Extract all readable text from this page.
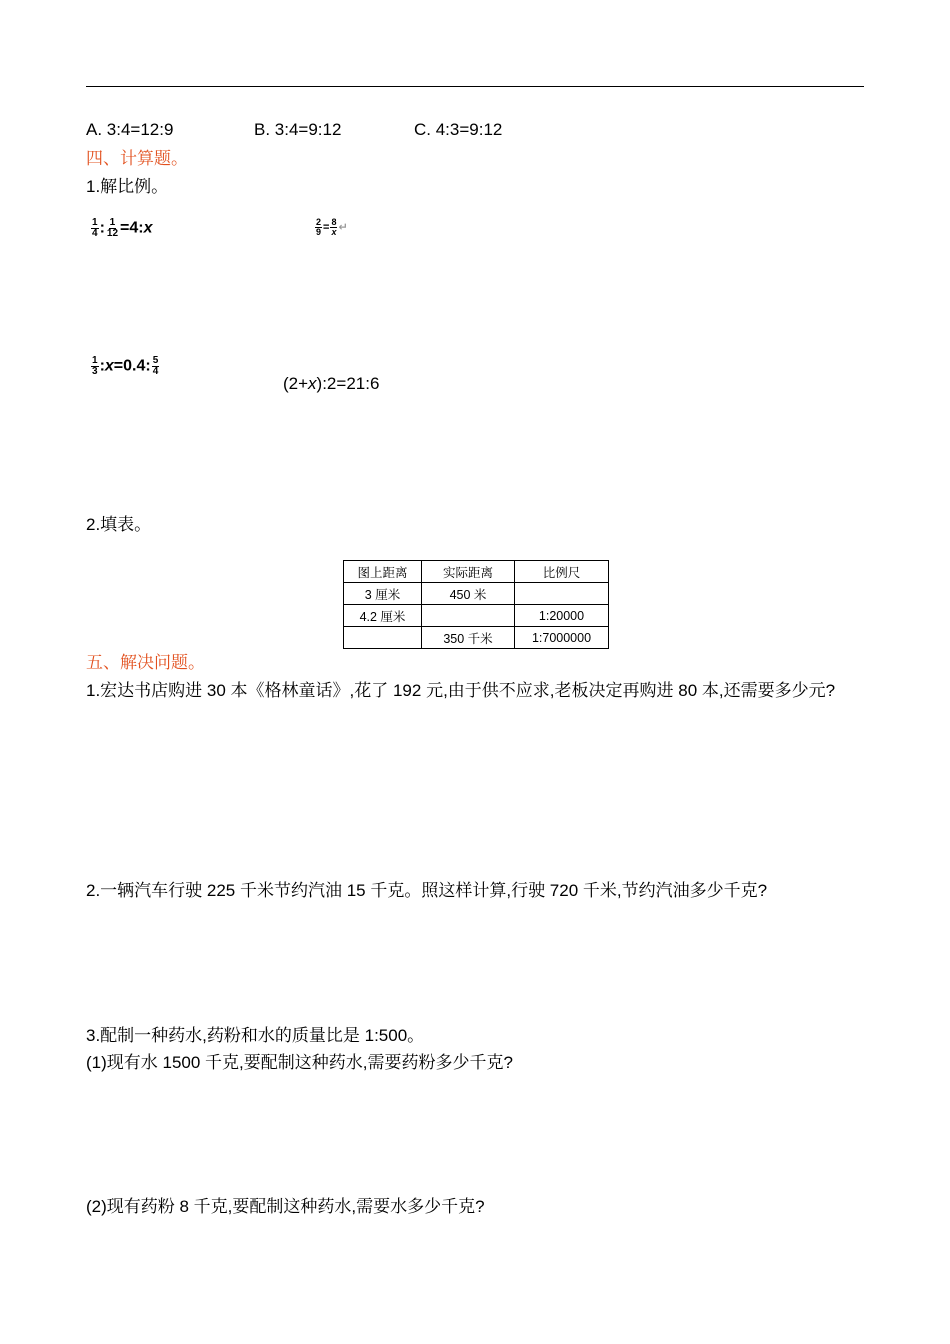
A. 3:4=12:9	B. 3:4=9:12	C. 4:3=9:12
四、计算题。
1.解比例。
$\frac{1}{4}$ : $\frac{1}{12}$ =4:x	$\frac{2}{9} = \frac{8}{x}$ ↵
$\frac{1}{3}$ :x=0.4: $\frac{5}{4}$
(2+x):2=21:6
2.填表。
图上距离	实际距离	比例尺
3 厘米	450 米	
4.2 厘米		1:20000
	350 千米	1:7000000
五、解决问题。
1.宏达书店购进 30 本《格林童话》,花了 192 元,由于供不应求,老板决定再购进 80 本,还需要多少元?
2.一辆汽车行驶 225 千米节约汽油 15 千克。照这样计算,行驶 720 千米,节约汽油多少千克?
3.配制一种药水,药粉和水的质量比是 1:500。
(1)现有水 1500 千克,要配制这种药水,需要药粉多少千克?
(2)现有药粉 8 千克,要配制这种药水,需要水多少千克?
